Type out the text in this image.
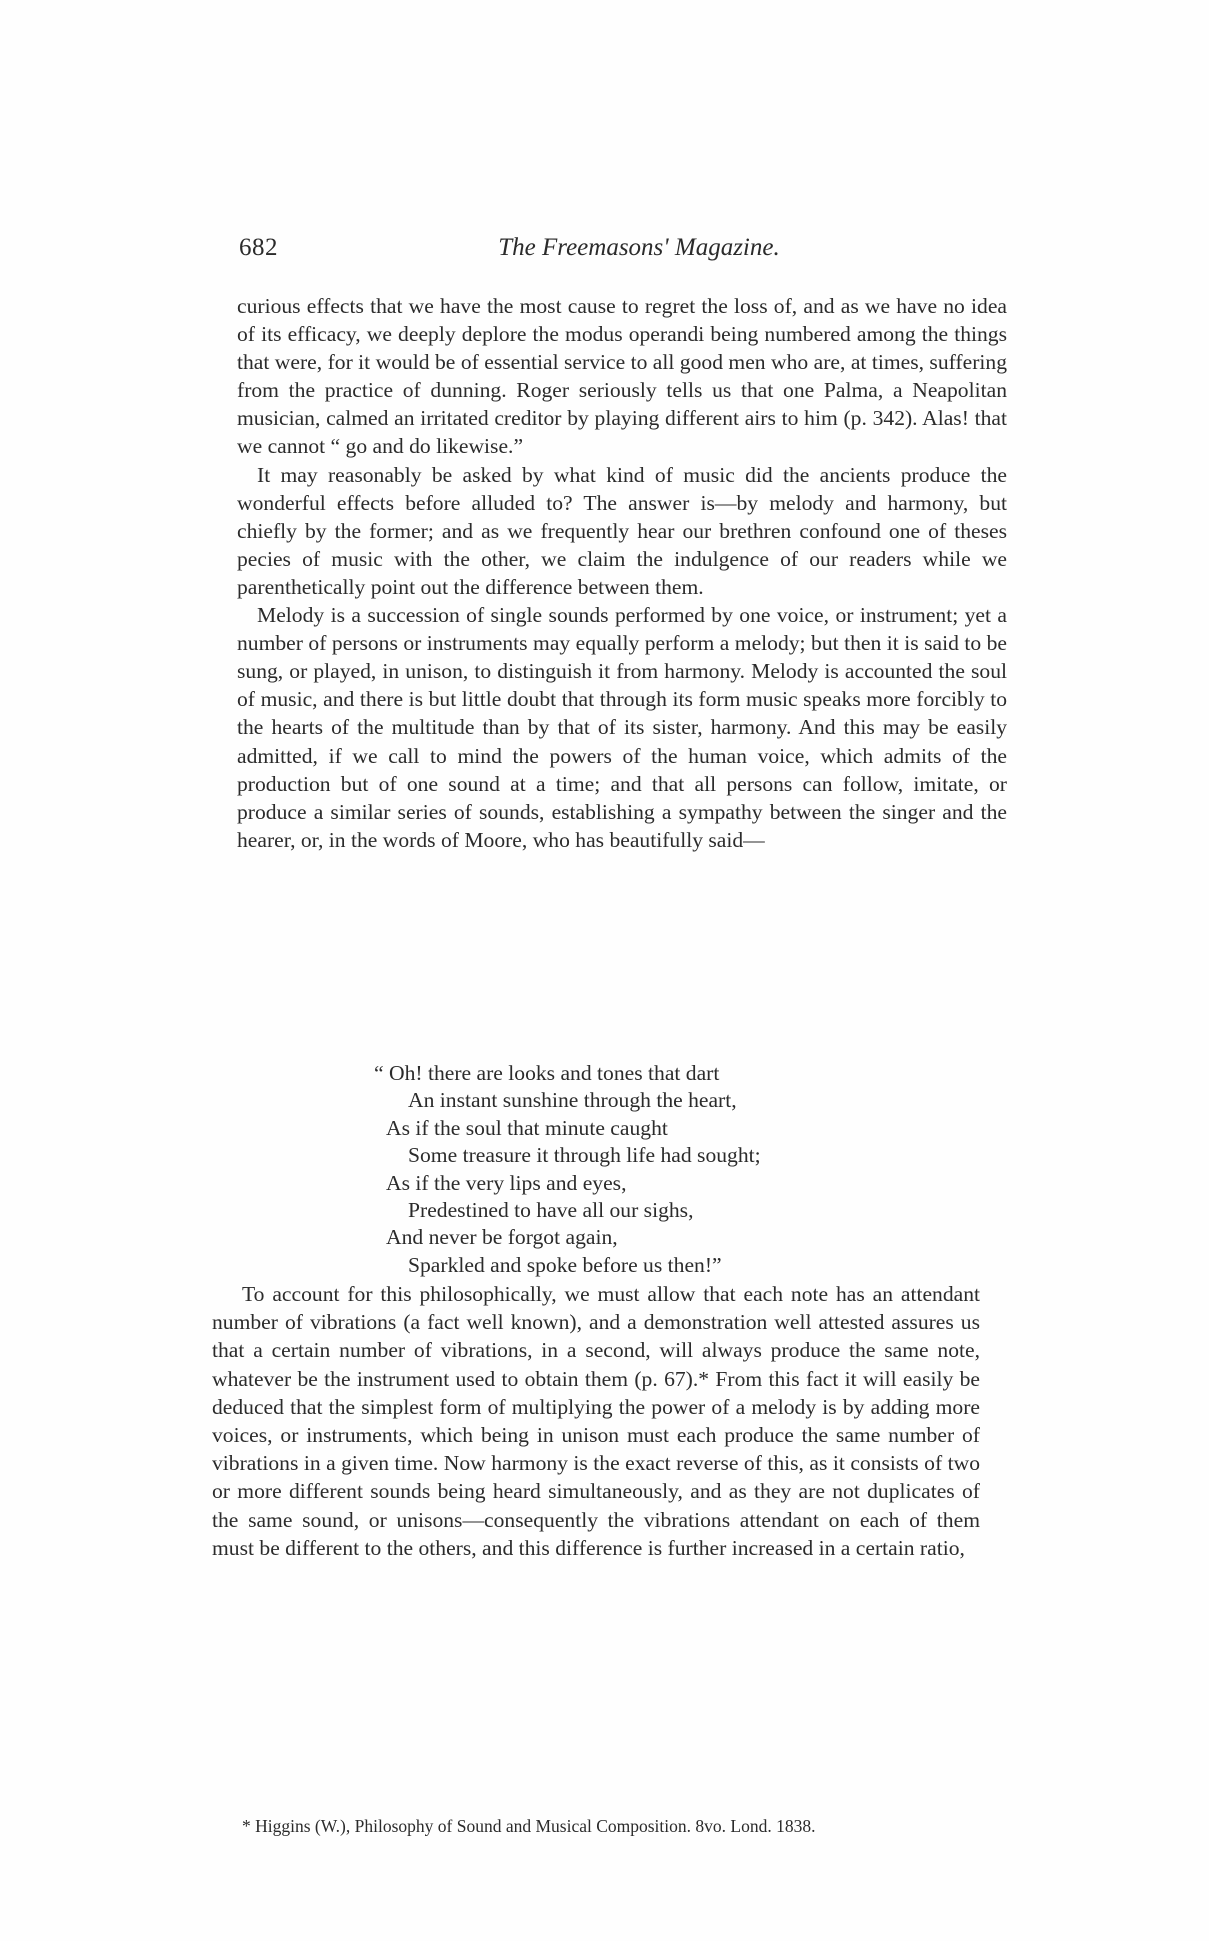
682	The Freemasons' Magazine.

curious effects that we have the most cause to regret the loss of, and as we have no idea of its efficacy, we deeply deplore the modus operandi being numbered among the things that were, for it would be of essential service to all good men who are, at times, suffering from the practice of dunning. Roger seriously tells us that one Palma, a Neapolitan musician, calmed an irritated creditor by playing different airs to him (p. 342). Alas! that we cannot “ go and do likewise.”

It may reasonably be asked by what kind of music did the ancients produce the wonderful effects before alluded to? The answer is—by melody and harmony, but chiefly by the former; and as we frequently hear our brethren confound one of theses pecies of music with the other, we claim the indulgence of our readers while we parenthetically point out the difference between them.

Melody is a succession of single sounds performed by one voice, or instrument; yet a number of persons or instruments may equally perform a melody; but then it is said to be sung, or played, in unison, to distinguish it from harmony. Melody is accounted the soul of music, and there is but little doubt that through its form music speaks more forcibly to the hearts of the multitude than by that of its sister, harmony. And this may be easily admitted, if we call to mind the powers of the human voice, which admits of the production but of one sound at a time; and that all persons can follow, imitate, or produce a similar series of sounds, establishing a sympathy between the singer and the hearer, or, in the words of Moore, who has beautifully said—

“ Oh! there are looks and tones that dart
An instant sunshine through the heart,
As if the soul that minute caught
Some treasure it through life had sought;
As if the very lips and eyes,
Predestined to have all our sighs,
And never be forgot again,
Sparkled and spoke before us then!”

To account for this philosophically, we must allow that each note has an attendant number of vibrations (a fact well known), and a demonstration well attested assures us that a certain number of vibrations, in a second, will always produce the same note, whatever be the instrument used to obtain them (p. 67).* From this fact it will easily be deduced that the simplest form of multiplying the power of a melody is by adding more voices, or instruments, which being in unison must each produce the same number of vibrations in a given time. Now harmony is the exact reverse of this, as it consists of two or more different sounds being heard simultaneously, and as they are not duplicates of the same sound, or unisons—consequently the vibrations attendant on each of them must be different to the others, and this difference is further increased in a certain ratio,

* Higgins (W.), Philosophy of Sound and Musical Composition. 8vo. Lond. 1838.
